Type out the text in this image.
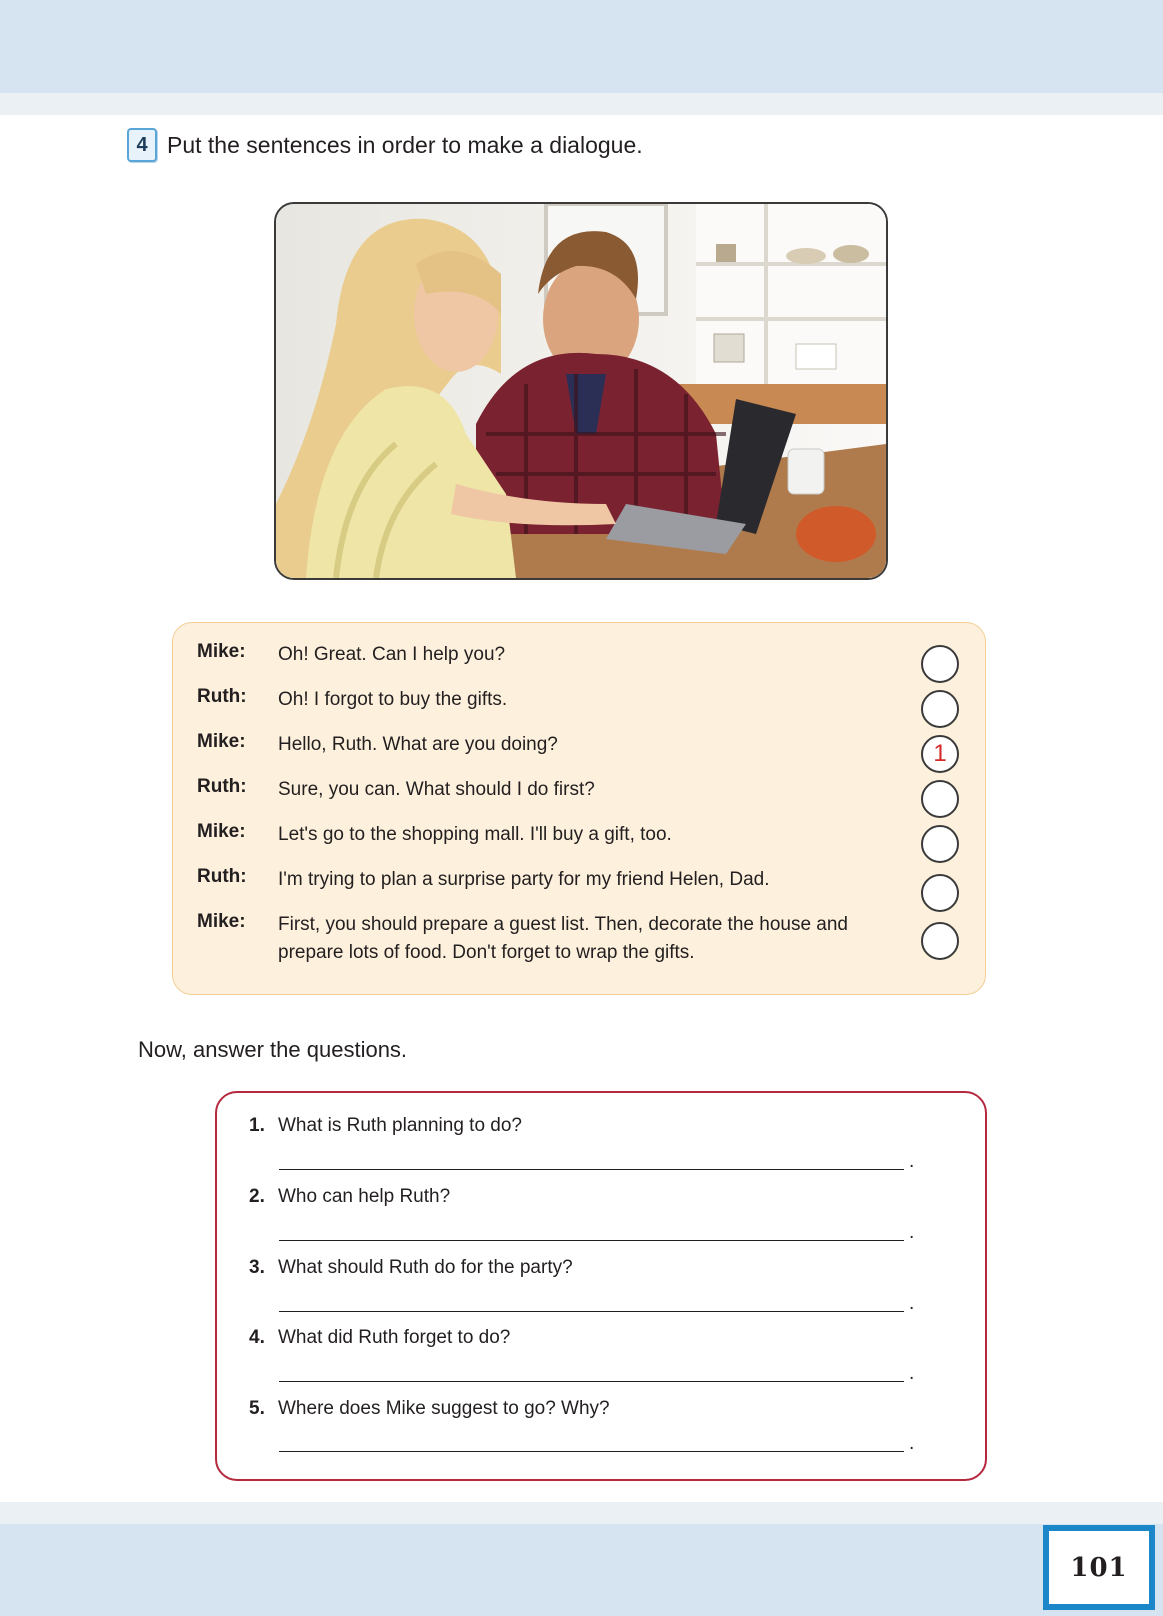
4 Put the sentences in order to make a dialogue.
Mike: Oh! Great. Can I help you?
Ruth: Oh! I forgot to buy the gifts.
Mike: Hello, Ruth. What are you doing?	1
Ruth: Sure, you can. What should I do first?
Mike: Let's go to the shopping mall. I'll buy a gift, too.
Ruth: I'm trying to plan a surprise party for my friend Helen, Dad.
Mike: First, you should prepare a guest list. Then, decorate the house and prepare lots of food. Don't forget to wrap the gifts.
Now, answer the questions.
1. What is Ruth planning to do?
.
2. Who can help Ruth?
.
3. What should Ruth do for the party?
.
4. What did Ruth forget to do?
.
5. Where does Mike suggest to go? Why?
.
101
